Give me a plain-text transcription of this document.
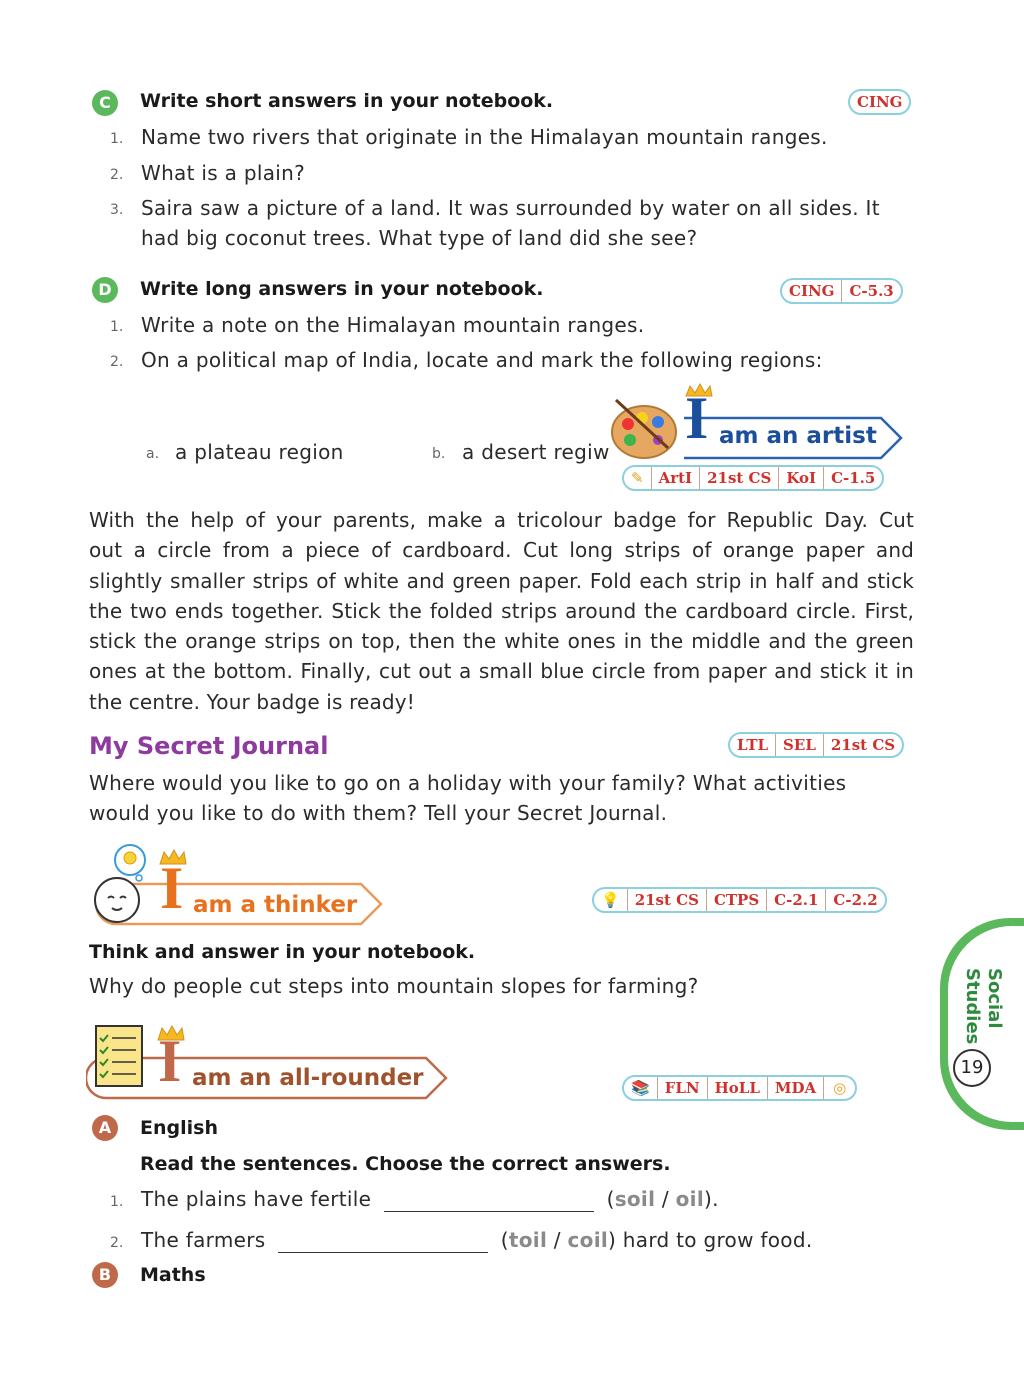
C	Write short answers in your notebook.	CING
1. Name two rivers that originate in the Himalayan mountain ranges.
2. What is a plain?
3. Saira saw a picture of a land. It was surrounded by water on all sides. It
had big coconut trees. What type of land did she see?
D	Write long answers in your notebook.	CING	C-5.3
1. Write a note on the Himalayan mountain ranges.
2. On a political map of India, locate and mark the following regions:
a. a plateau region	b. a desert regiw
I am an artist
✎	ArtI	21st CS	KoI	C-1.5
With the help of your parents, make a tricolour badge for Republic Day. Cut
out a circle from a piece of cardboard. Cut long strips of orange paper and
slightly smaller strips of white and green paper. Fold each strip in half and stick
the two ends together. Stick the folded strips around the cardboard circle. First,
stick the orange strips on top, then the white ones in the middle and the green
ones at the bottom. Finally, cut out a small blue circle from paper and stick it in
the centre. Your badge is ready!
My Secret Journal	LTL	SEL	21st CS
Where would you like to go on a holiday with your family? What activities
would you like to do with them? Tell your Secret Journal.
I am a thinker	💡	21st CS	CTPS	C-2.1	C-2.2
Think and answer in your notebook.
Why do people cut steps into mountain slopes for farming?	Social
Studies
19
I am an all-rounder	📚	FLN	HoLL	MDA	◎
A	English
Read the sentences. Choose the correct answers.
1. The plains have fertile	(soil / oil).
2. The farmers	(toil / coil) hard to grow food.
B	Maths
